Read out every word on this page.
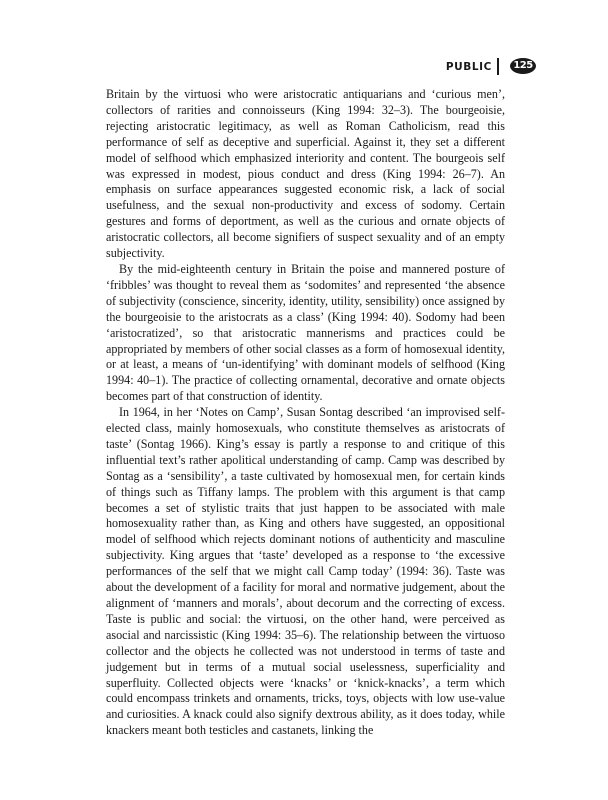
PUBLIC	125

Britain by the virtuosi who were aristocratic antiquarians and ‘curious men’, collectors of rarities and connoisseurs (King 1994: 32–3). The bourgeoisie, rejecting aristocratic legitimacy, as well as Roman Catholicism, read this performance of self as deceptive and superficial. Against it, they set a different model of selfhood which emphasized interiority and content. The bourgeois self was expressed in modest, pious conduct and dress (King 1994: 26–7). An emphasis on surface appearances suggested economic risk, a lack of social usefulness, and the sexual non-productivity and excess of sodomy. Certain gestures and forms of deportment, as well as the curious and ornate objects of aristocratic collectors, all become signifiers of suspect sexuality and of an empty subjectivity.

By the mid-eighteenth century in Britain the poise and mannered posture of ‘fribbles’ was thought to reveal them as ‘sodomites’ and represented ‘the absence of subjectivity (conscience, sincerity, identity, utility, sensibility) once assigned by the bourgeoisie to the aristocrats as a class’ (King 1994: 40). Sodomy had been ‘aristocratized’, so that aristocratic mannerisms and practices could be appropriated by members of other social classes as a form of homosexual identity, or at least, a means of ‘un-identifying’ with dominant models of selfhood (King 1994: 40–1). The practice of collecting ornamental, decorative and ornate objects becomes part of that construction of identity.

In 1964, in her ‘Notes on Camp’, Susan Sontag described ‘an improvised self-elected class, mainly homosexuals, who constitute themselves as aristocrats of taste’ (Sontag 1966). King’s essay is partly a response to and critique of this influential text’s rather apolitical understanding of camp. Camp was described by Sontag as a ‘sensibility’, a taste cultivated by homosexual men, for certain kinds of things such as Tiffany lamps. The problem with this argument is that camp becomes a set of stylistic traits that just happen to be associated with male homosexuality rather than, as King and others have suggested, an oppositional model of selfhood which rejects dominant notions of authenticity and masculine subjectivity. King argues that ‘taste’ developed as a response to ‘the excessive performances of the self that we might call Camp today’ (1994: 36). Taste was about the development of a facility for moral and normative judgement, about the alignment of ‘manners and morals’, about decorum and the correcting of excess. Taste is public and social: the virtuosi, on the other hand, were perceived as asocial and narcissistic (King 1994: 35–6). The relationship between the virtuoso collector and the objects he collected was not understood in terms of taste and judgement but in terms of a mutual social uselessness, superficiality and superfluity. Collected objects were ‘knacks’ or ‘knick-knacks’, a term which could encompass trinkets and ornaments, tricks, toys, objects with low use-value and curiosities. A knack could also signify dextrous ability, as it does today, while knackers meant both testicles and castanets, linking the
